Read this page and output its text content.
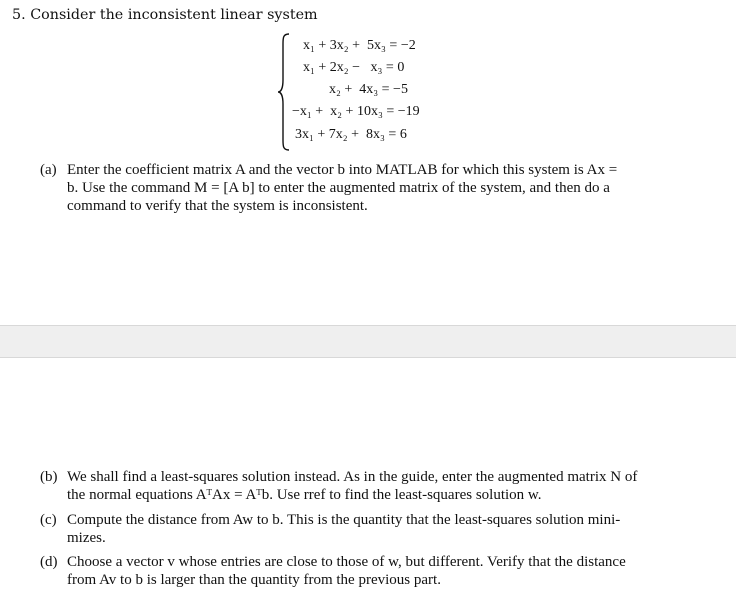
5. Consider the inconsistent linear system
x₁ + 3x₂ +  5x₃ = −2
x₁ + 2x₂ −   x₃ = 0
x₂ +  4x₃ = −5
−x₁ +  x₂ + 10x₃ = −19
3x₁ + 7x₂ +  8x₃ = 6
(a) Enter the coefficient matrix A and the vector b into MATLAB for which this system is Ax =
b. Use the command M = [A b] to enter the augmented matrix of the system, and then do a
command to verify that the system is inconsistent.
(b) We shall find a least-squares solution instead. As in the guide, enter the augmented matrix N of
the normal equations AᵀAx = Aᵀb. Use rref to find the least-squares solution w.
(c) Compute the distance from Aw to b. This is the quantity that the least-squares solution mini-
mizes.
(d) Choose a vector v whose entries are close to those of w, but different. Verify that the distance
from Av to b is larger than the quantity from the previous part.
